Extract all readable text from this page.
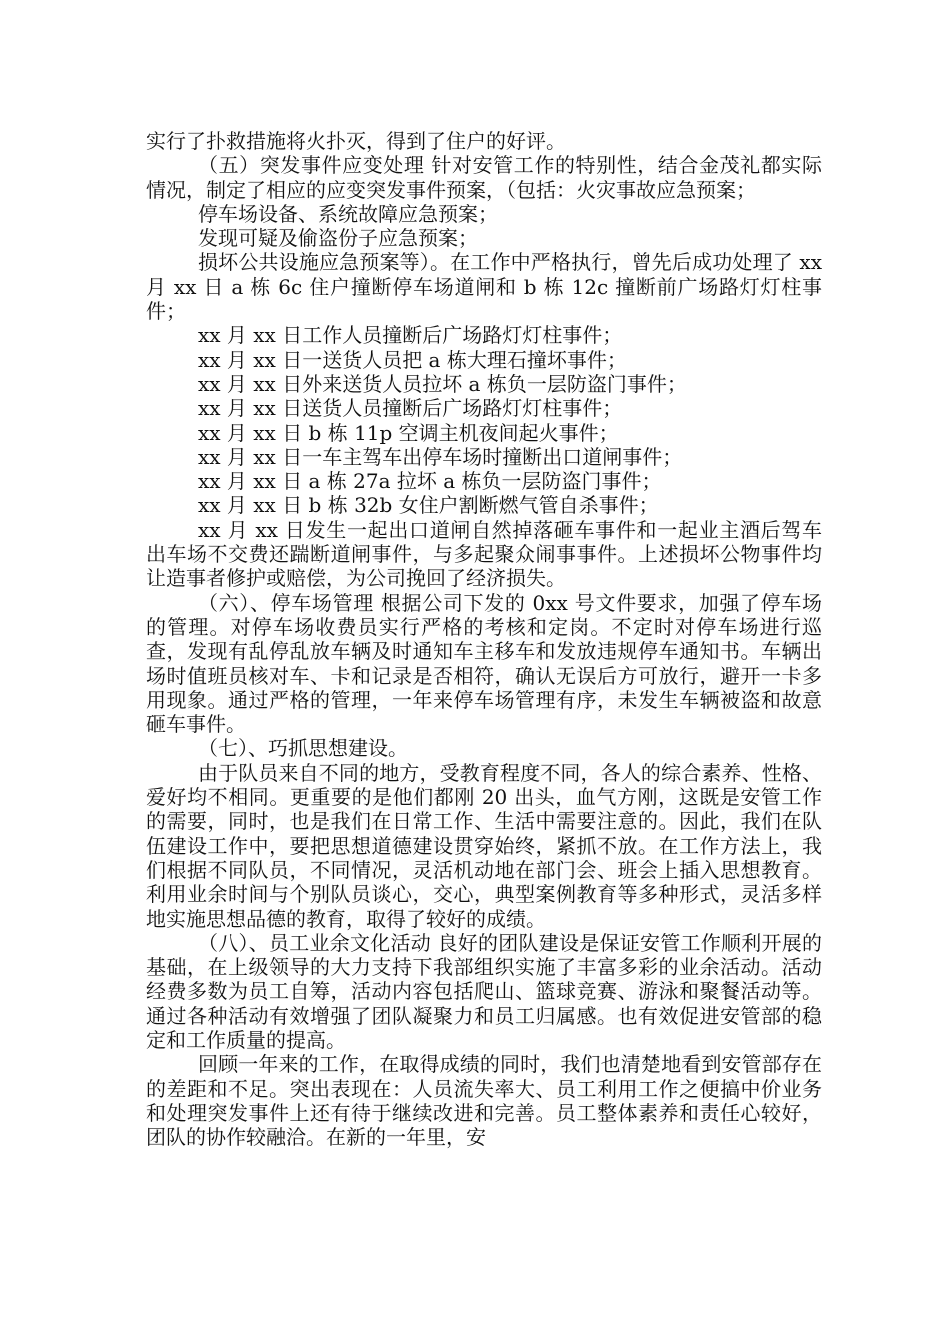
实行了扑救措施将火扑灭，得到了住户的好评。

（五）突发事件应变处理 针对安管工作的特别性，结合金茂礼都实际情况，制定了相应的应变突发事件预案，（包括：火灾事故应急预案；

停车场设备、系统故障应急预案；

发现可疑及偷盗份子应急预案；

损坏公共设施应急预案等）。在工作中严格执行，曾先后成功处理了 xx 月 xx 日 a 栋 6c 住户撞断停车场道闸和 b 栋 12c 撞断前广场路灯灯柱事件；

xx 月 xx 日工作人员撞断后广场路灯灯柱事件；

xx 月 xx 日一送货人员把 a 栋大理石撞坏事件；

xx 月 xx 日外来送货人员拉坏 a 栋负一层防盗门事件；

xx 月 xx 日送货人员撞断后广场路灯灯柱事件；

xx 月 xx 日 b 栋 11p 空调主机夜间起火事件；

xx 月 xx 日一车主驾车出停车场时撞断出口道闸事件；

xx 月 xx 日 a 栋 27a 拉坏 a 栋负一层防盗门事件；

xx 月 xx 日 b 栋 32b 女住户割断燃气管自杀事件；

xx 月 xx 日发生一起出口道闸自然掉落砸车事件和一起业主酒后驾车出车场不交费还踹断道闸事件，与多起聚众闹事事件。上述损坏公物事件均让造事者修护或赔偿，为公司挽回了经济损失。

（六）、停车场管理 根据公司下发的 0xx 号文件要求，加强了停车场的管理。对停车场收费员实行严格的考核和定岗。不定时对停车场进行巡查，发现有乱停乱放车辆及时通知车主移车和发放违规停车通知书。车辆出场时值班员核对车、卡和记录是否相符，确认无误后方可放行，避开一卡多用现象。通过严格的管理，一年来停车场管理有序，未发生车辆被盗和故意砸车事件。

（七）、巧抓思想建设。

由于队员来自不同的地方，受教育程度不同，各人的综合素养、性格、爱好均不相同。更重要的是他们都刚 20 出头，血气方刚，这既是安管工作的需要，同时，也是我们在日常工作、生活中需要注意的。因此，我们在队伍建设工作中，要把思想道德建设贯穿始终，紧抓不放。在工作方法上，我们根据不同队员，不同情况，灵活机动地在部门会、班会上插入思想教育。利用业余时间与个别队员谈心，交心，典型案例教育等多种形式，灵活多样地实施思想品德的教育，取得了较好的成绩。

（八）、员工业余文化活动 良好的团队建设是保证安管工作顺利开展的基础，在上级领导的大力支持下我部组织实施了丰富多彩的业余活动。活动经费多数为员工自筹，活动内容包括爬山、篮球竞赛、游泳和聚餐活动等。通过各种活动有效增强了团队凝聚力和员工归属感。也有效促进安管部的稳定和工作质量的提高。

回顾一年来的工作，在取得成绩的同时，我们也清楚地看到安管部存在的差距和不足。突出表现在：人员流失率大、员工利用工作之便搞中价业务和处理突发事件上还有待于继续改进和完善。员工整体素养和责任心较好，团队的协作较融洽。在新的一年里，安
